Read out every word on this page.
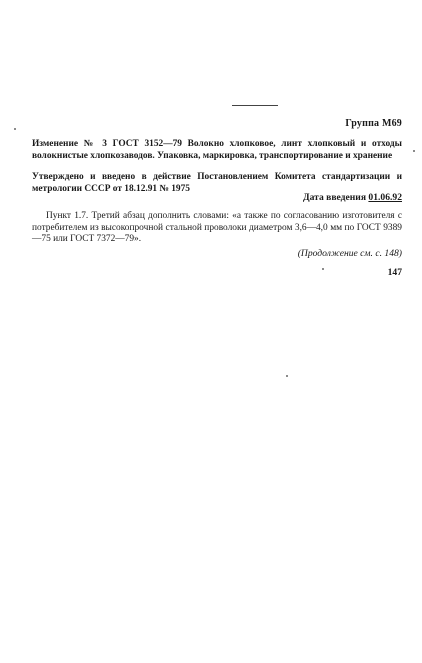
Группа М69
Изменение № 3 ГОСТ 3152—79 Волокно хлопковое, линт хлопковый и отходы волокнистые хлопкозаводов. Упаковка, маркировка, транспортирование и хранение
Утверждено и введено в действие Постановлением Комитета стандартизации и метрологии СССР от 18.12.91 № 1975
Дата введения 01.06.92
Пункт 1.7. Третий абзац дополнить словами: «а также по согласованию изготовителя с потребителем из высокопрочной стальной проволоки диаметром 3,6—4,0 мм по ГОСТ 9389—75 или ГОСТ 7372—79».
(Продолжение см. с. 148)
147
